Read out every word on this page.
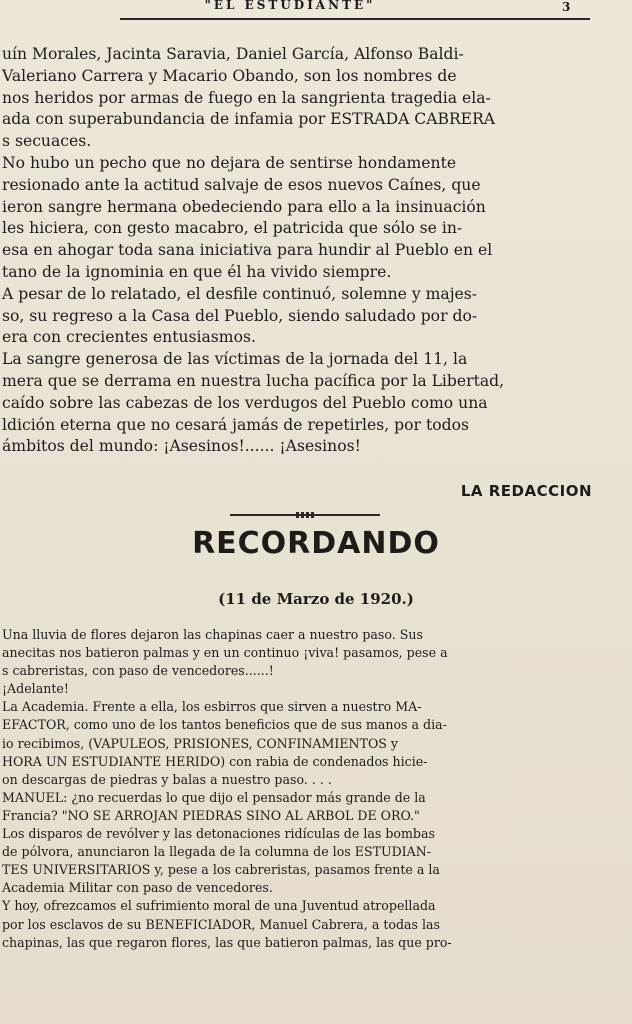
"EL ESTUDIANTE"	3
uín Morales, Jacinta Saravia, Daniel García, Alfonso Baldi-
Valeriano Carrera y Macario Obando, son los nombres de
nos heridos por armas de fuego en la sangrienta tragedia ela-
ada con superabundancia de infamia por ESTRADA CABRERA
s secuaces.
No hubo un pecho que no dejara de sentirse hondamente
resionado ante la actitud salvaje de esos nuevos Caínes, que
ieron sangre hermana obedeciendo para ello a la insinuación
les hiciera, con gesto macabro, el patricida que sólo se in-
esa en ahogar toda sana iniciativa para hundir al Pueblo en el
tano de la ignominia en que él ha vivido siempre.
A pesar de lo relatado, el desfile continuó, solemne y majes-
so, su regreso a la Casa del Pueblo, siendo saludado por do-
era con crecientes entusiasmos.
La sangre generosa de las víctimas de la jornada del 11, la
mera que se derrama en nuestra lucha pacífica por la Libertad,
caído sobre las cabezas de los verdugos del Pueblo como una
ldición eterna que no cesará jamás de repetirles, por todos
ámbitos del mundo: ¡Asesinos!...... ¡Asesinos!
LA REDACCION
RECORDANDO
(11 de Marzo de 1920.)
Una lluvia de flores dejaron las chapinas caer a nuestro paso. Sus
anecitas nos batieron palmas y en un continuo ¡viva! pasamos, pese a
s cabreristas, con paso de vencedores......!
¡Adelante!
La Academia. Frente a ella, los esbirros que sirven a nuestro MA-
EFACTOR, como uno de los tantos beneficios que de sus manos a dia-
io recibimos, (VAPULEOS, PRISIONES, CONFINAMIENTOS y
HORA UN ESTUDIANTE HERIDO) con rabia de condenados hicie-
on descargas de piedras y balas a nuestro paso. . . .
MANUEL: ¿no recuerdas lo que dijo el pensador más grande de la
Francia? "NO SE ARROJAN PIEDRAS SINO AL ARBOL DE ORO."
Los disparos de revólver y las detonaciones ridículas de las bombas
de pólvora, anunciaron la llegada de la columna de los ESTUDIAN-
TES UNIVERSITARIOS y, pese a los cabreristas, pasamos frente a la
Academia Militar con paso de vencedores.
Y hoy, ofrezcamos el sufrimiento moral de una Juventud atropellada
por los esclavos de su BENEFICIADOR, Manuel Cabrera, a todas las
chapinas, las que regaron flores, las que batieron palmas, las que pro-
